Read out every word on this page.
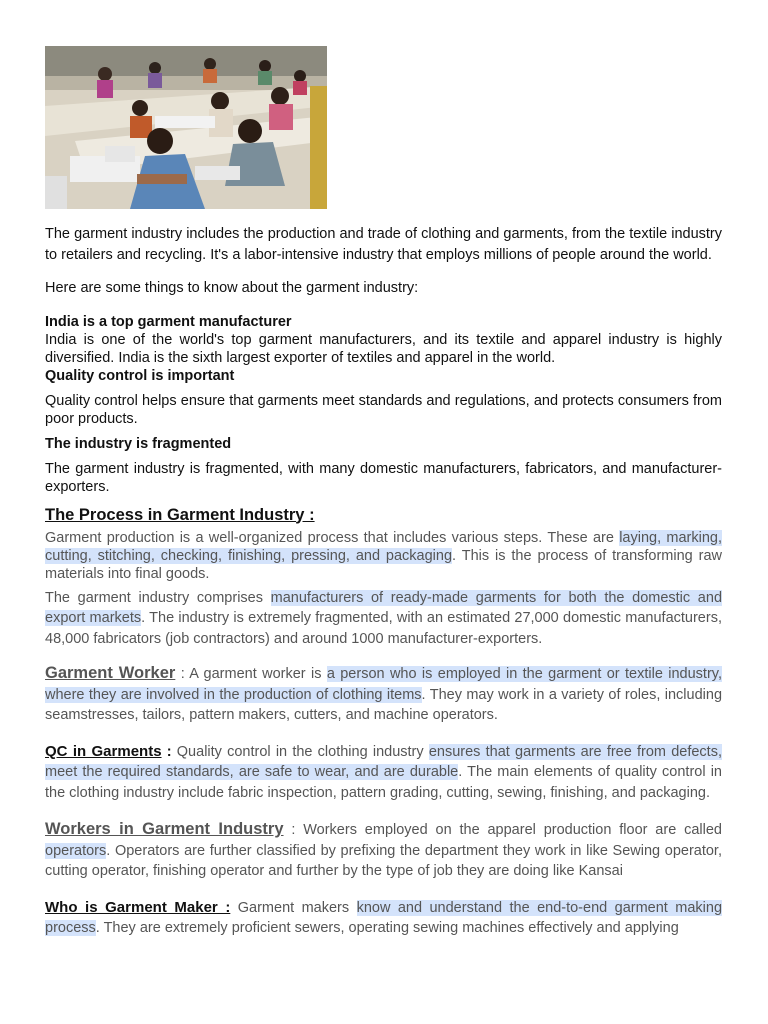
The garment industry includes the production and trade of clothing and garments, from the textile industry to retailers and recycling. It's a labor-intensive industry that employs millions of people around the world.

Here are some things to know about the garment industry:

India is a top garment manufacturer

India is one of the world's top garment manufacturers, and its textile and apparel industry is highly diversified. India is the sixth largest exporter of textiles and apparel in the world.

Quality control is important

Quality control helps ensure that garments meet standards and regulations, and protects consumers from poor products.

The industry is fragmented

The garment industry is fragmented, with many domestic manufacturers, fabricators, and manufacturer-exporters.

The Process in Garment Industry :

Garment production is a well-organized process that includes various steps. These are laying, marking, cutting, stitching, checking, finishing, pressing, and packaging. This is the process of transforming raw materials into final goods.

The garment industry comprises manufacturers of ready-made garments for both the domestic and export markets. The industry is extremely fragmented, with an estimated 27,000 domestic manufacturers, 48,000 fabricators (job contractors) and around 1000 manufacturer-exporters.

Garment Worker : A garment worker is a person who is employed in the garment or textile industry, where they are involved in the production of clothing items. They may work in a variety of roles, including seamstresses, tailors, pattern makers, cutters, and machine operators.

QC in Garments : Quality control in the clothing industry ensures that garments are free from defects, meet the required standards, are safe to wear, and are durable. The main elements of quality control in the clothing industry include fabric inspection, pattern grading, cutting, sewing, finishing, and packaging.

Workers in Garment Industry : Workers employed on the apparel production floor are called operators. Operators are further classified by prefixing the department they work in like Sewing operator, cutting operator, finishing operator and further by the type of job they are doing like Kansai

Who is Garment Maker : Garment makers know and understand the end-to-end garment making process. They are extremely proficient sewers, operating sewing machines effectively and applying
